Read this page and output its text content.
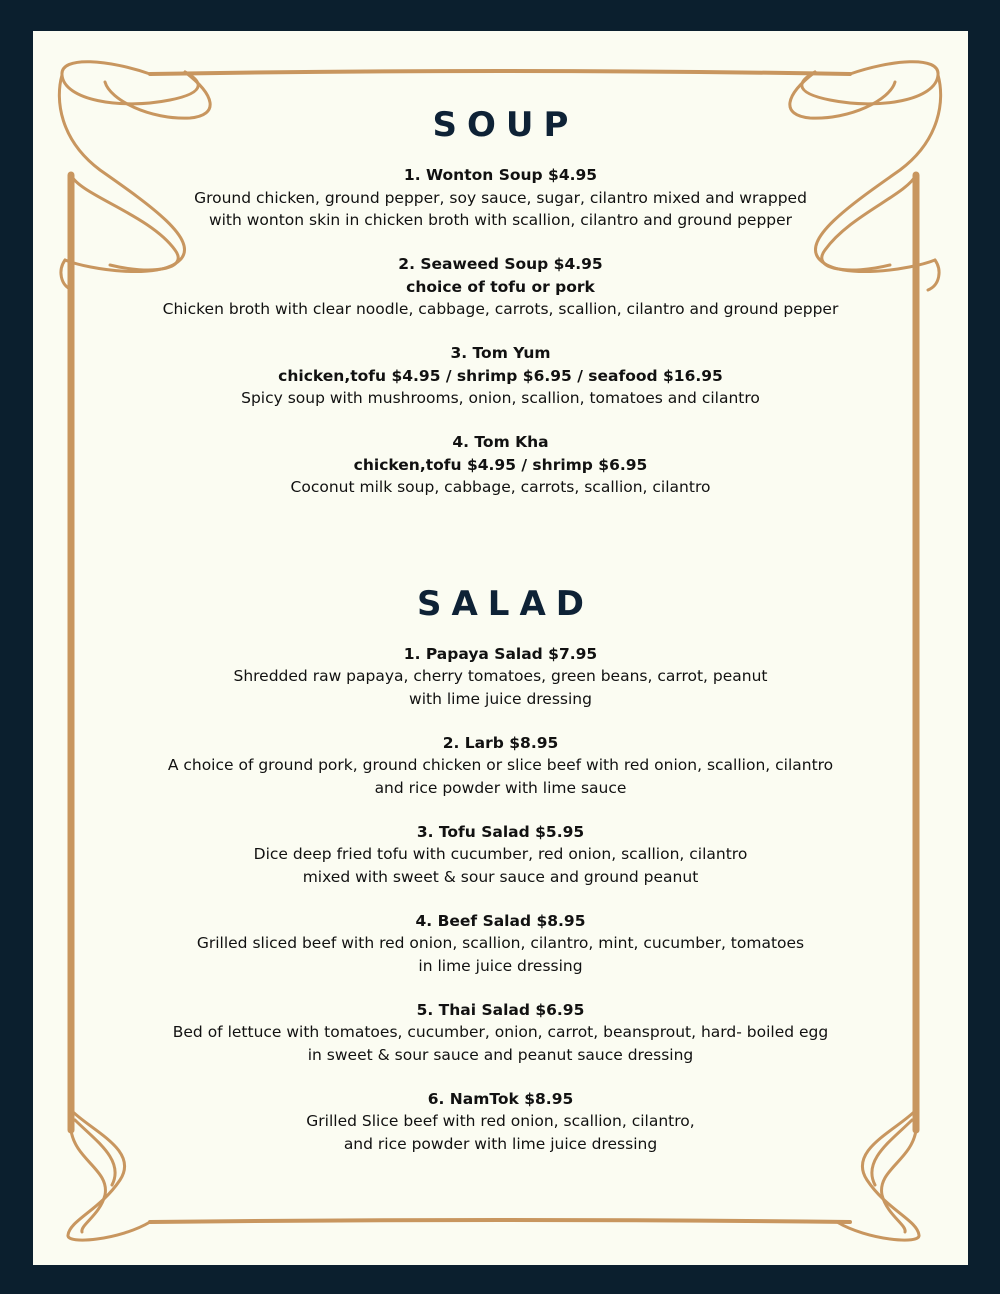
SOUP

1. Wonton Soup $4.95

Ground chicken, ground pepper, soy sauce, sugar, cilantro mixed and wrapped

with wonton skin in chicken broth with scallion, cilantro and ground pepper

2. Seaweed Soup $4.95

choice of tofu or pork

Chicken broth with clear noodle, cabbage, carrots, scallion, cilantro and ground pepper

3. Tom Yum

chicken,tofu $4.95 / shrimp $6.95 / seafood $16.95

Spicy soup with mushrooms, onion, scallion, tomatoes and cilantro

4. Tom Kha

chicken,tofu $4.95 / shrimp $6.95

Coconut milk soup, cabbage, carrots, scallion, cilantro

SALAD

1. Papaya Salad $7.95

Shredded raw papaya, cherry tomatoes, green beans, carrot, peanut

with lime juice dressing

2. Larb $8.95

A choice of ground pork, ground chicken or slice beef with red onion, scallion, cilantro

and rice powder with lime sauce

3. Tofu Salad $5.95

Dice deep fried tofu with cucumber, red onion, scallion, cilantro

mixed with sweet & sour sauce and ground peanut

4. Beef Salad $8.95

Grilled sliced beef with red onion, scallion, cilantro, mint, cucumber, tomatoes

in lime juice dressing

5. Thai Salad $6.95

Bed of lettuce with tomatoes, cucumber, onion, carrot, beansprout, hard- boiled egg

in sweet & sour sauce and peanut sauce dressing

6. NamTok $8.95

Grilled Slice beef with red onion, scallion, cilantro,

and rice powder with lime juice dressing
